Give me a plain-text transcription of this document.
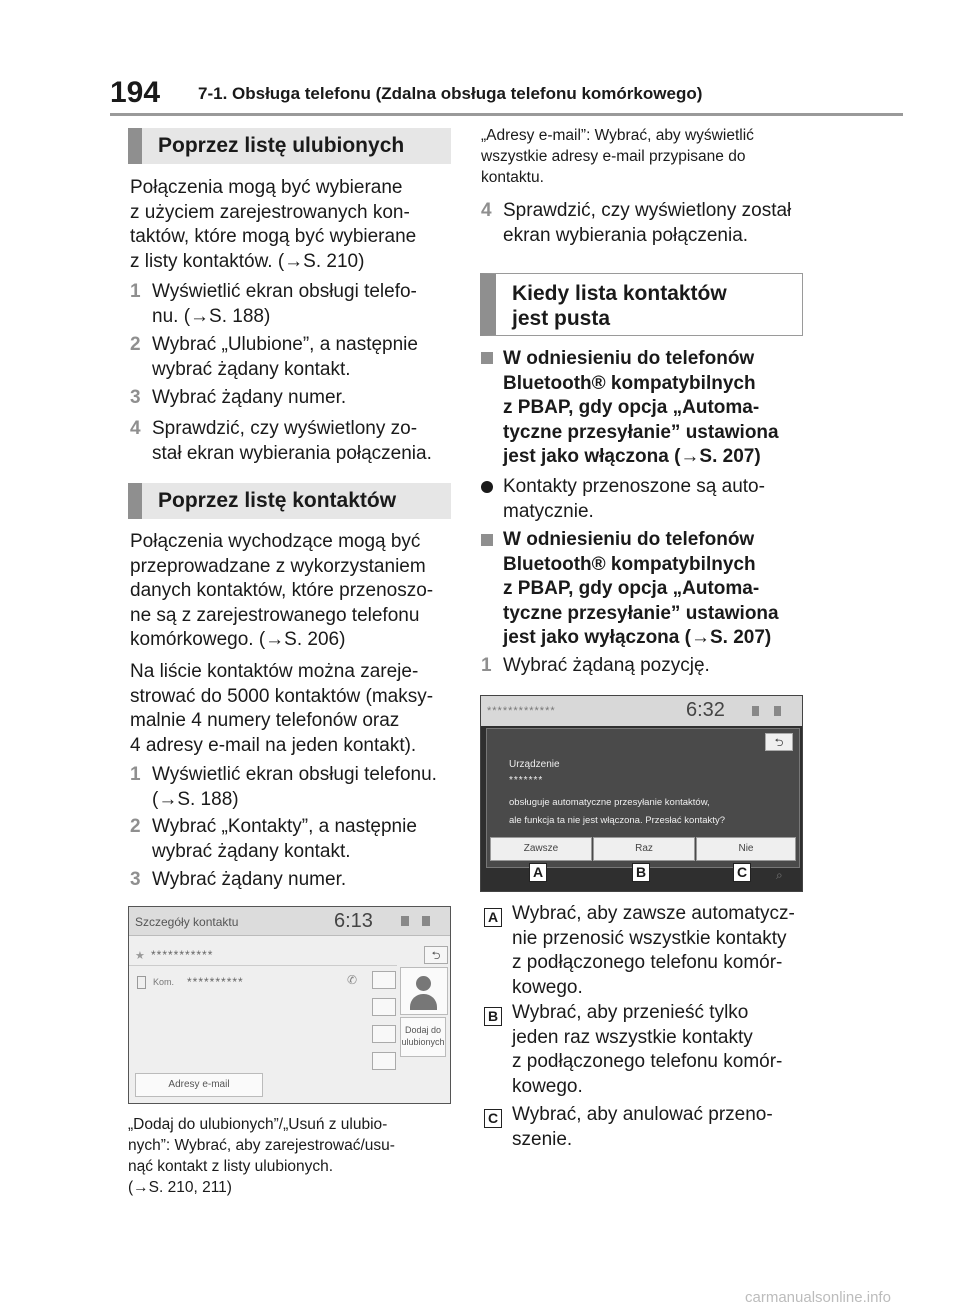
194 7-1. Obsługa telefonu (Zdalna obsługa telefonu komórkowego)
Poprzez listę ulubionych
Połączenia mogą być wybierane
z użyciem zarejestrowanych kon-
taktów, które mogą być wybierane
z listy kontaktów. (→S. 210)
1 Wyświetlić ekran obsługi telefo-
nu. (→S. 188)
2 Wybrać „Ulubione”, a następnie
wybrać żądany kontakt.
3 Wybrać żądany numer.
4 Sprawdzić, czy wyświetlony zo-
stał ekran wybierania połączenia.
Poprzez listę kontaktów
Połączenia wychodzące mogą być
przeprowadzane z wykorzystaniem
danych kontaktów, które przenoszo-
ne są z zarejestrowanego telefonu
komórkowego. (→S. 206)
Na liście kontaktów można zareje-
strować do 5000 kontaktów (maksy-
malnie 4 numery telefonów oraz
4 adresy e-mail na jeden kontakt).
1 Wyświetlić ekran obsługi telefonu.
(→S. 188)
2 Wybrać „Kontakty”, a następnie
wybrać żądany kontakt.
3 Wybrać żądany numer.
Szczegóły kontaktu	6:13
★ ***********	⮌
Kom. **********	✆
Dodaj do
ulubionych
Adresy e-mail
„Dodaj do ulubionych”/„Usuń z ulubio-
nych”: Wybrać, aby zarejestrować/usu-
nąć kontakt z listy ulubionych.
(→S. 210, 211)
„Adresy e-mail”: Wybrać, aby wyświetlić
wszystkie adresy e-mail przypisane do
kontaktu.
4 Sprawdzić, czy wyświetlony został
ekran wybierania połączenia.
Kiedy lista kontaktów
jest pusta
W odniesieniu do telefonów
Bluetooth® kompatybilnych
z PBAP, gdy opcja „Automa-
tyczne przesyłanie” ustawiona
jest jako włączona (→S. 207)
Kontakty przenoszone są auto-
matycznie.
W odniesieniu do telefonów
Bluetooth® kompatybilnych
z PBAP, gdy opcja „Automa-
tyczne przesyłanie” ustawiona
jest jako wyłączona (→S. 207)
1 Wybrać żądaną pozycję.
*************	6:32
⮌
Urządzenie
*******
obsługuje automatyczne przesyłanie kontaktów,
ale funkcja ta nie jest włączona. Przesłać kontakty?
Zawsze	Raz	Nie
⌕
A	B	C
A Wybrać, aby zawsze automatycz-
nie przenosić wszystkie kontakty
z podłączonego telefonu komór-
kowego.
B Wybrać, aby przenieść tylko
jeden raz wszystkie kontakty
z podłączonego telefonu komór-
kowego.
C Wybrać, aby anulować przeno-
szenie.
carmanualsonline.info
